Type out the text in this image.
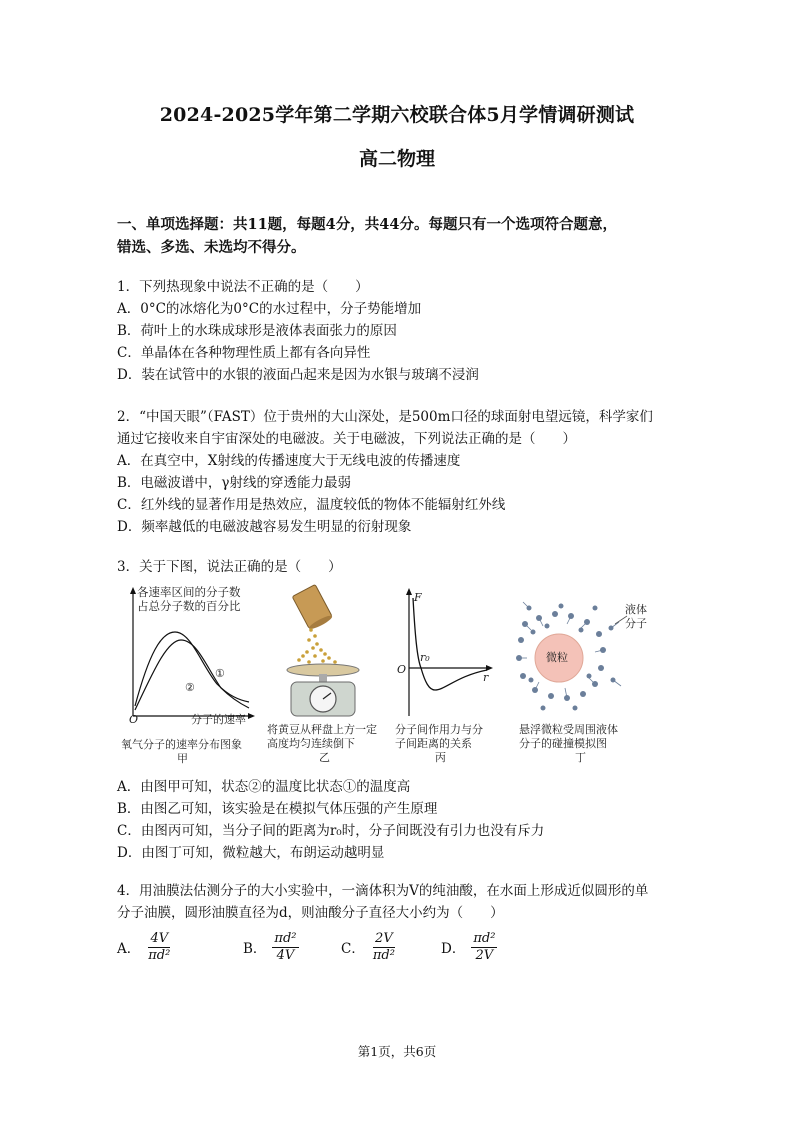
2024-2025学年第二学期六校联合体5月学情调研测试
高二物理
一、单项选择题：共11题，每题4分，共44分。每题只有一个选项符合题意，
错选、多选、未选均不得分。

1．下列热现象中说法不正确的是（　　）

A．0°C的冰熔化为0°C的水过程中，分子势能增加

B．荷叶上的水珠成球形是液体表面张力的原因

C．单晶体在各种物理性质上都有各向异性

D．装在试管中的水银的液面凸起来是因为水银与玻璃不浸润

2．“中国天眼”（FAST）位于贵州的大山深处，是500m口径的球面射电望远镜，科学家们

通过它接收来自宇宙深处的电磁波。关于电磁波，下列说法正确的是（　　）

A．在真空中，X射线的传播速度大于无线电波的传播速度

B．电磁波谱中，γ射线的穿透能力最弱

C．红外线的显著作用是热效应，温度较低的物体不能辐射红外线

D．频率越低的电磁波越容易发生明显的衍射现象

3．关于下图，说法正确的是（　　）

各速率区间的分子数
占总分子数的百分比
①
②
O	分子的速率
氧气分子的速率分布图象
甲
将黄豆从秤盘上方一定
高度均匀连续倒下
乙
F
O
r₀
r
分子间作用力与分
子间距离的关系
丙
微粒
液体
分子
悬浮微粒受周围液体
分子的碰撞模拟图
丁

A．由图甲可知，状态②的温度比状态①的温度高

B．由图乙可知，该实验是在模拟气体压强的产生原理

C．由图丙可知，当分子间的距离为r₀时，分子间既没有引力也没有斥力

D．由图丁可知，微粒越大，布朗运动越明显

4．用油膜法估测分子的大小实验中，一滴体积为V的纯油酸，在水面上形成近似圆形的单

分子油膜，圆形油膜直径为d，则油酸分子直径大小约为（　　）

A． $\frac{4V}{\text{πd²}}$	B． $\frac{\text{πd²}}{4V}$	C． $\frac{2V}{\text{πd²}}$	D． $\frac{\text{πd²}}{2V}$
第1页，共6页
